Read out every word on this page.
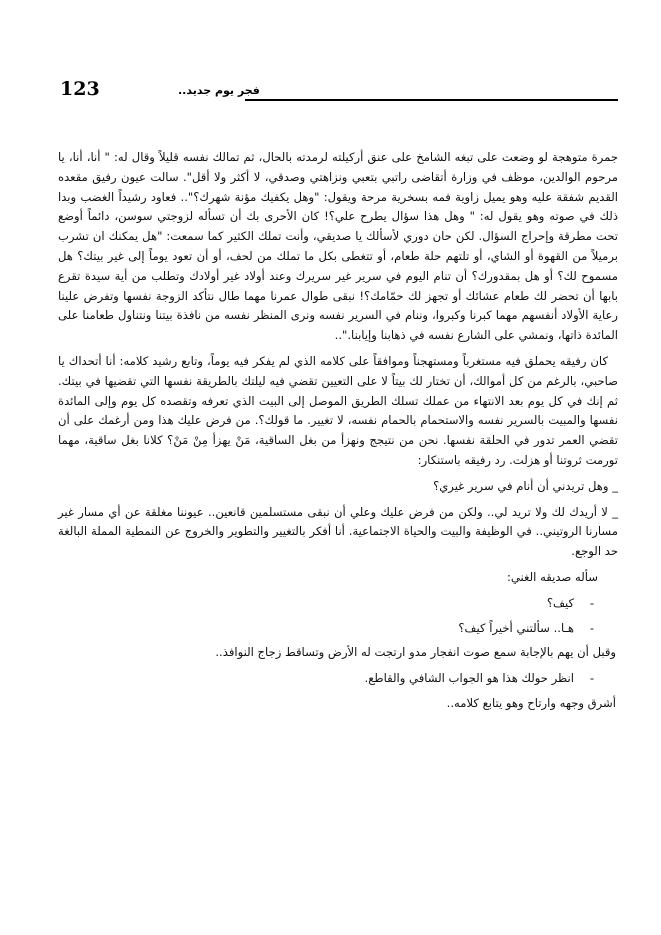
123	فجر يوم جديد..

جمرة متوهجة لو وضعت على تبغه الشامخ على عنق أركيلته لرمدته بالحال، ثم تمالك نفسه قليلاً وقال له: " أنا، أنا، يا مرحوم الوالدين، موظف في وزارة أتقاضى راتبي بتعبي ونزاهتي وصدقي، لا أكثر ولا أقل". سالت عيون رفيق مقعده القديم شفقة عليه وهو يميل زاوية فمه بسخرية مرحة ويقول: "وهل يكفيك مؤنة شهرك؟".. فعاود رشيداً الغضب وبدا ذلك في صوته وهو يقول له: " وهل هذا سؤال يطرح علي؟! كان الأحرى بك أن تسأله لزوجتي سوسن، دائماً أوضع تحت مطرقة وإحراج السؤال. لكن حان دوري لأسألك يا صديقي، وأنت تملك الكثير كما سمعت: "هل يمكنك ان تشرب برميلاً من القهوة أو الشاي، أو تلتهم حلة طعام، أو تتغطى بكل ما تملك من لحف، أو أن تعود يوماً إلى غير بيتك؟ هل مسموح لك؟ أو هل بمقدورك؟ أن تنام اليوم في سرير غير سريرك وعند أولاد غير أولادك وتطلب من أية سيدة تقرع بابها أن تحضر لك طعام عشائك أو تجهز لك حمّامك؟! نبقى طوال عمرنا مهما طال نتأكد الزوجة نفسها وتفرض علينا رعاية الأولاد أنفسهم مهما كبرنا وكبروا، وننام في السرير نفسه ونرى المنظر نفسه من نافذة بيتنا ونتناول طعامنا على المائدة ذاتها، ونمشي على الشارع نفسه في ذهابنا وإيابنا."..

كان رفيقه يحملق فيه مستغرباً ومستهجناً وموافقاً على كلامه الذي لم يفكر فيه يوماً، وتابع رشيد كلامه: أنا أتحداك يا صاحبي، بالرغم من كل أموالك، أن تختار لك بيتاً لا على التعيين تقضي فيه ليلتك بالطريقة نفسها التي تقضيها في بيتك. ثم إنك في كل يوم بعد الانتهاء من عملك تسلك الطريق الموصل إلى البيت الذي تعرفه وتقصده كل يوم وإلى المائدة نفسها والمبيت بالسرير نفسه والاستحمام بالحمام نفسه، لا تغيير. ما قولك؟. من فرض عليك هذا ومن أرغمك على أن تقضي العمر تدور في الحلقة نفسها. نحن من نتيجج ونهزأ من بغل الساقية، مَنْ يهزأ مِنْ مَنْ؟ كلانا بغل ساقية، مهما تورمت ثروتنا أو هزلت. رد رفيقه باستنكار:

_ وهل تريدني أن أنام في سرير غيري؟

_ لا أريدك لك ولا تريد لي.. ولكن من فرض عليك وعلي أن نبقى مستسلمين قانعين.. عيوننا مغلقة عن أي مسار غير مسارنا الروتيني.. في الوظيفة والبيت والحياة الاجتماعية. أنا أفكر بالتغيير والتطوير والخروج عن النمطية المملة البالغة حد الوجع.

سأله صديقه الغني:

-
كيف؟
-
هـا.. سألتني أخيراً كيف؟

وقبل أن يهم بالإجابة سمع صوت انفجار مدو ارتجت له الأرض وتساقط زجاج النوافذ..

-
انظر حولك هذا هو الجواب الشافي والقاطع.

أشرق وجهه وارتاح وهو يتابع كلامه..
